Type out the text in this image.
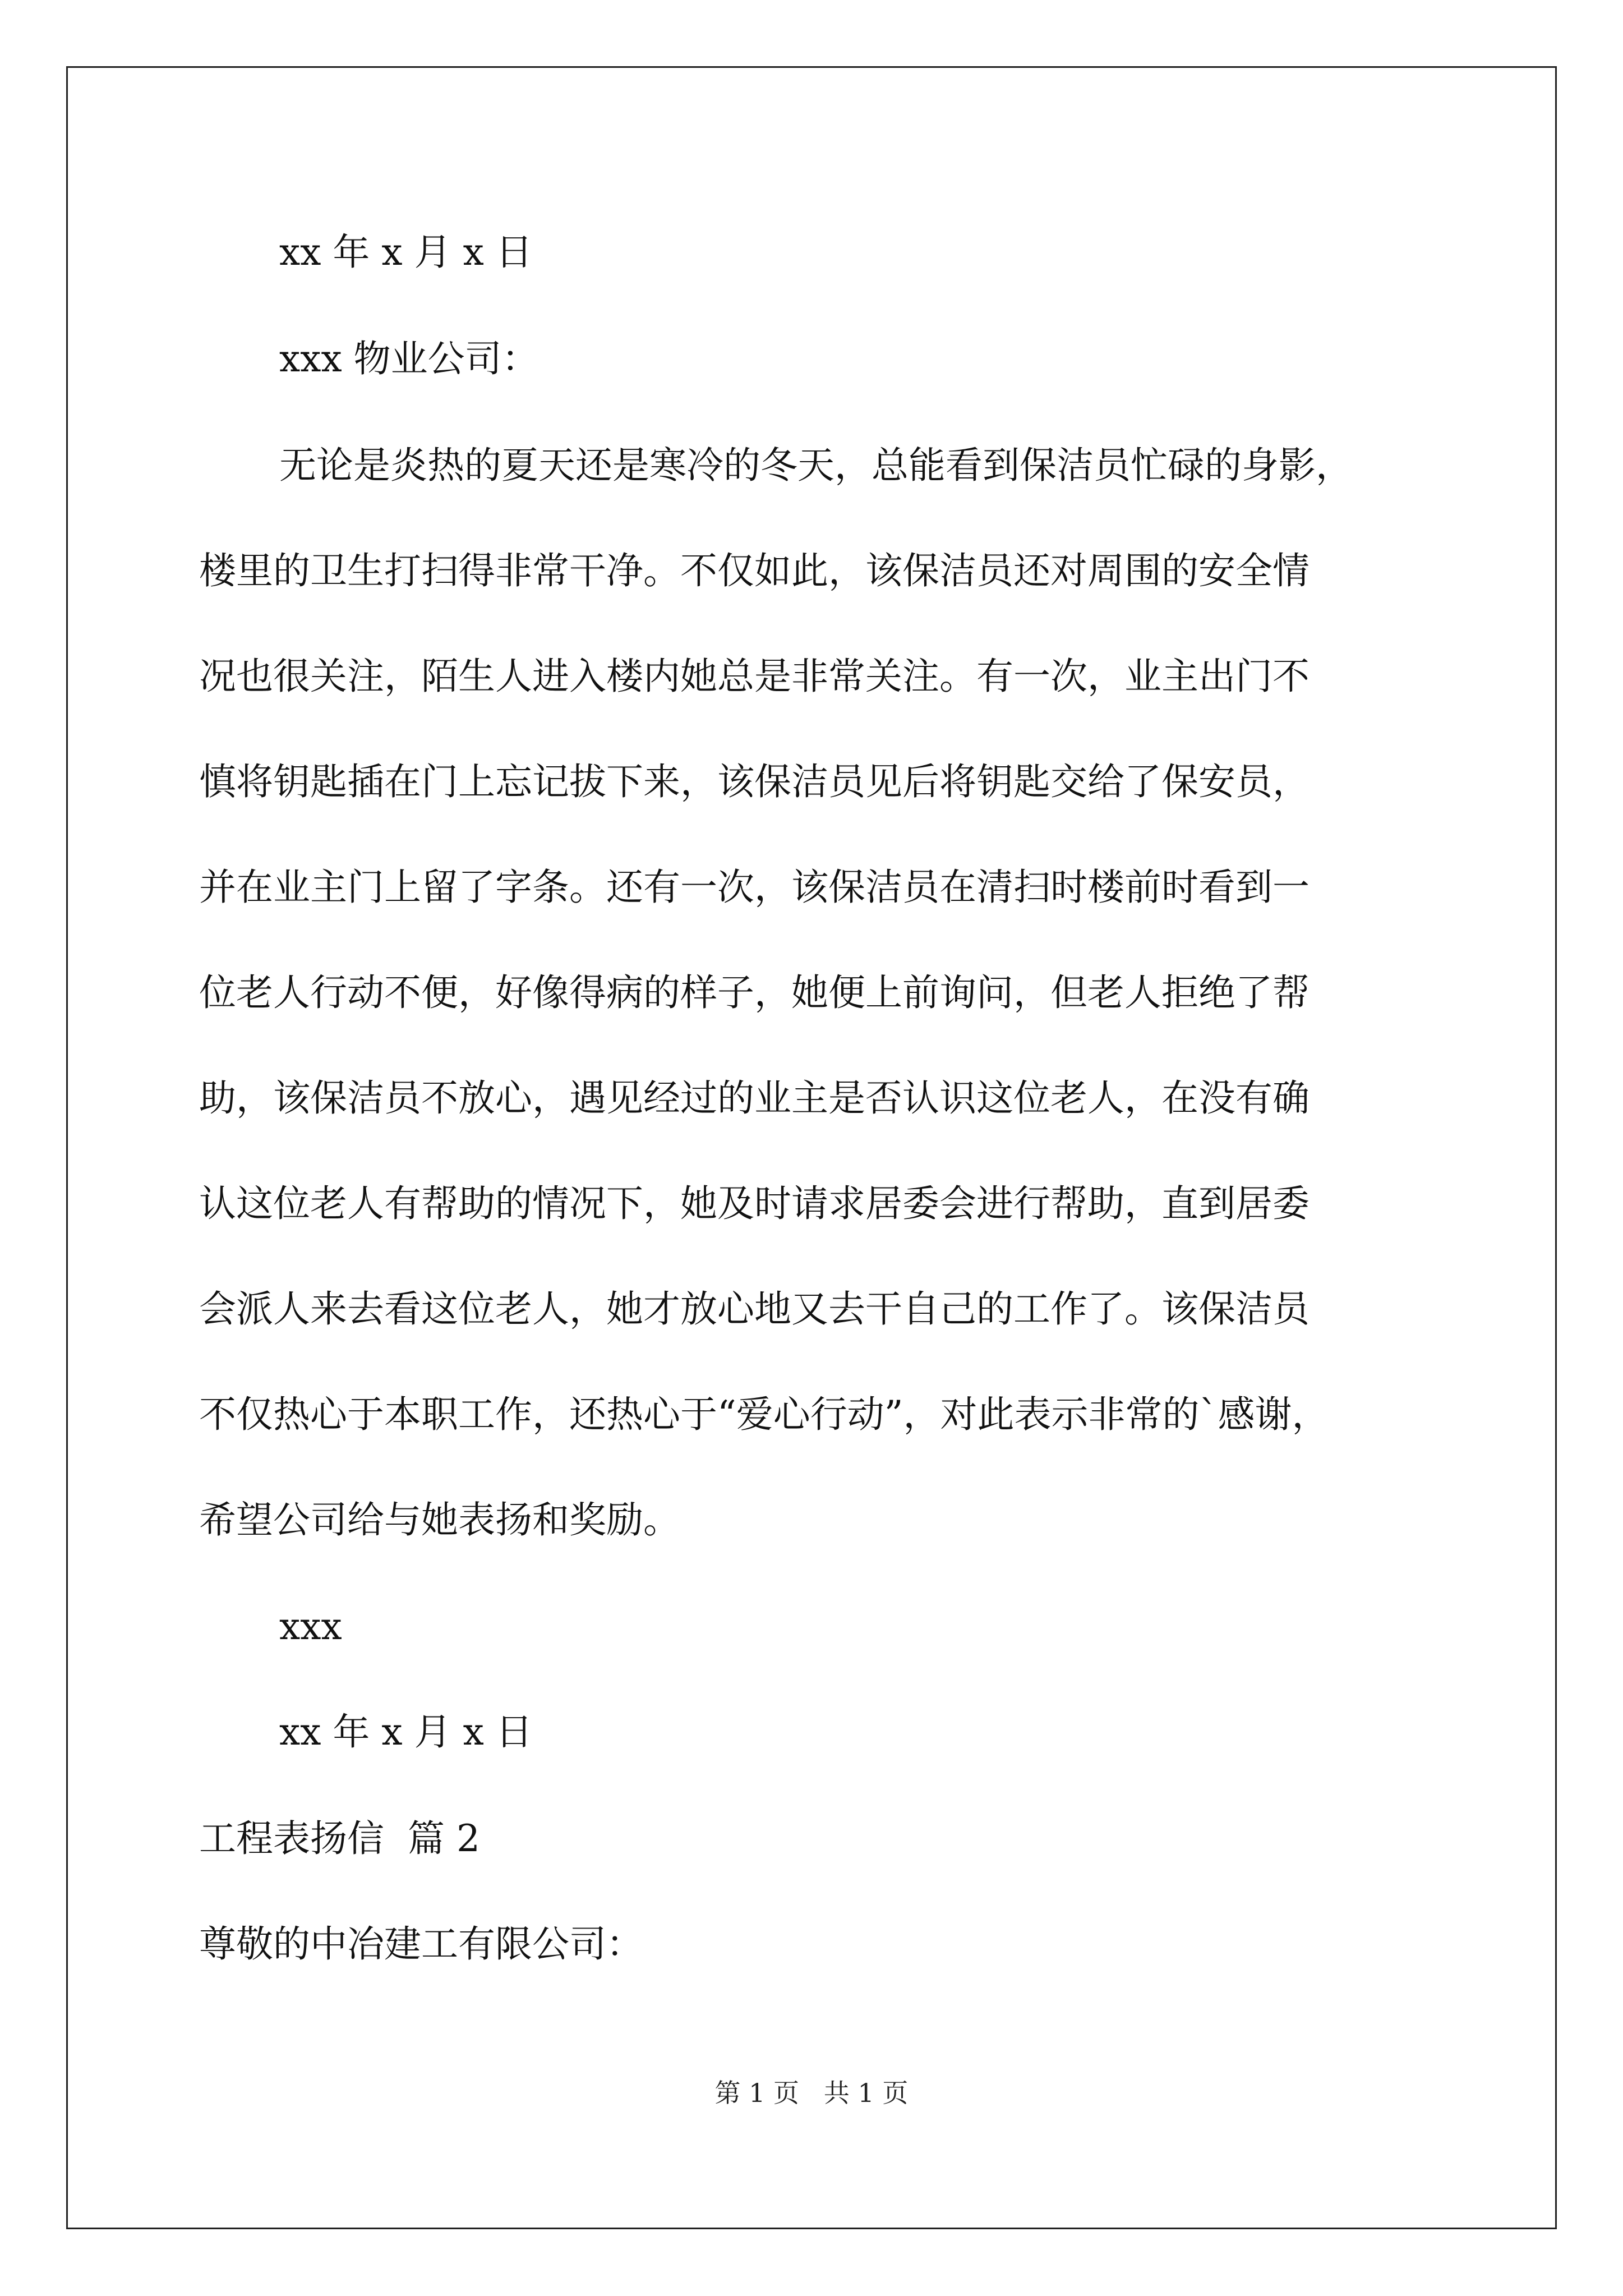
xx 年 x 月 x 日

xxx 物业公司：

无论是炎热的夏天还是寒冷的冬天，总能看到保洁员忙碌的身影，

楼里的卫生打扫得非常干净。不仅如此，该保洁员还对周围的安全情

况也很关注，陌生人进入楼内她总是非常关注。有一次，业主出门不

慎将钥匙插在门上忘记拔下来，该保洁员见后将钥匙交给了保安员，

并在业主门上留了字条。还有一次，该保洁员在清扫时楼前时看到一

位老人行动不便，好像得病的样子，她便上前询问，但老人拒绝了帮

助，该保洁员不放心，遇见经过的业主是否认识这位老人，在没有确

认这位老人有帮助的情况下，她及时请求居委会进行帮助，直到居委

会派人来去看这位老人，她才放心地又去干自己的工作了。该保洁员

不仅热心于本职工作，还热心于“爱心行动”，对此表示非常的`感谢，

希望公司给与她表扬和奖励。

xxx

xx 年 x 月 x 日

工程表扬信  篇 2

尊敬的中冶建工有限公司：

第 1 页   共 1 页
